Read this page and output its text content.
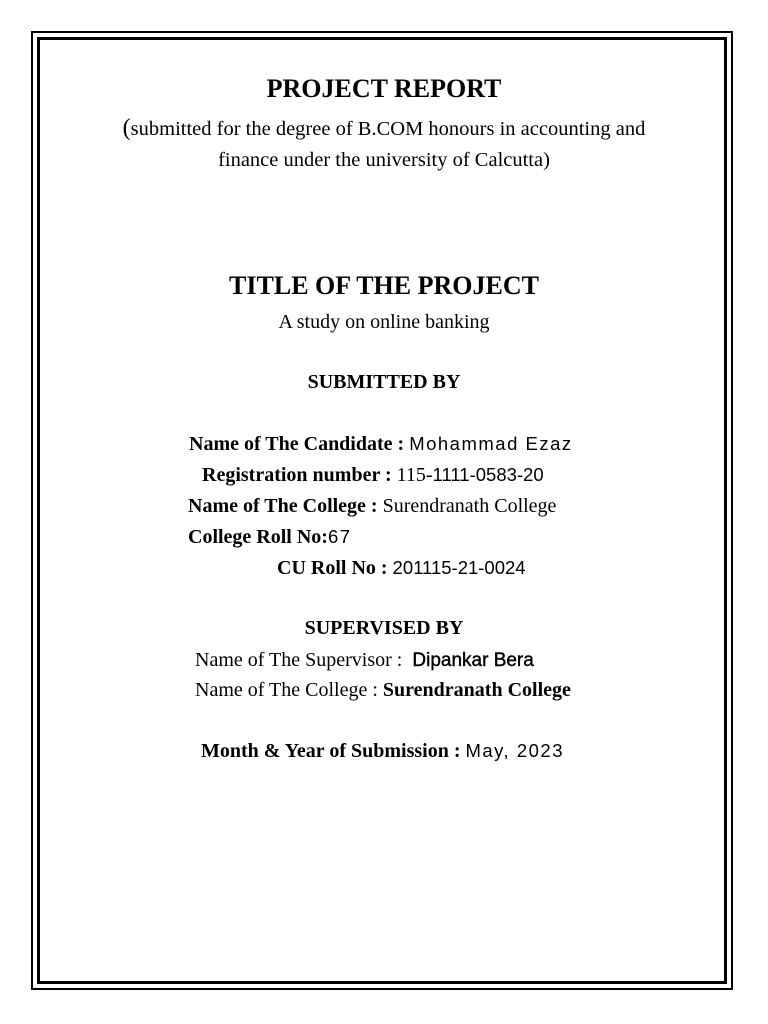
PROJECT REPORT
(submitted for the degree of B.COM honours in accounting and
finance under the university of Calcutta)
TITLE OF THE PROJECT
A study on online banking
SUBMITTED BY
Name of The Candidate : Mohammad Ezaz
Registration number : 115-1111-0583-20
Name of The College : Surendranath College
College Roll No:67
CU Roll No : 201115-21-0024
SUPERVISED BY
Name of The Supervisor : Dipankar Bera
Name of The College : Surendranath College
Month & Year of Submission : May, 2023
